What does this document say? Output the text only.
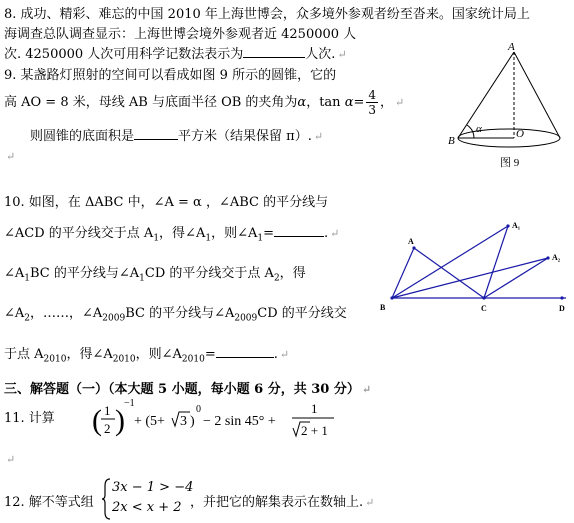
8. 成功、精彩、难忘的中国 2010 年上海世博会，众多境外参观者纷至沓来。国家统计局上
海调查总队调查显示：上海世博会境外参观者近 4250000 人
次. 4250000 人次可用科学记数法表示为	人次. ↵
9. 某盏路灯照射的空间可以看成如图 9 所示的圆锥，它的
高 AO = 8 米，母线 AB 与底面半径 OB 的夹角为α，$\tan \alpha= \frac{4}{3}$ ， ↵
则圆锥的底面积是	平方米（结果保留 π）. ↵
↵
A
B
O
α
图 9
10. 如图，在 ΔABC 中，∠A = α ，∠ABC 的平分线与
∠ACD 的平分线交于点 $A_1$，得$\angle A_1$，则$\angle A_1=$	. ↵
$\angle A_1BC$ 的平分线与$\angle A_1CD$ 的平分线交于点 $A_2$，得
$\angle A_2$，……，$\angle A_{2009}BC$ 的平分线与$\angle A_{2009}CD$ 的平分线交
于点 $A_{2010}$，得$\angle A_{2010}$，则$\angle A_{2010}=$	. ↵
A
A₁
A₂
B	C	D
三、解答题（一）（本大题 5 小题，每小题 6 分，共 30 分） ↵
11. 计算 ( 1
2 )
−1
+ (5+ 3 )
0
− 2 sin 45° +
1
2 + 1
↵
12. 解不等式组
3x − 1 > −4
2x < x + 2 ，并把它的解集表示在数轴上. ↵
